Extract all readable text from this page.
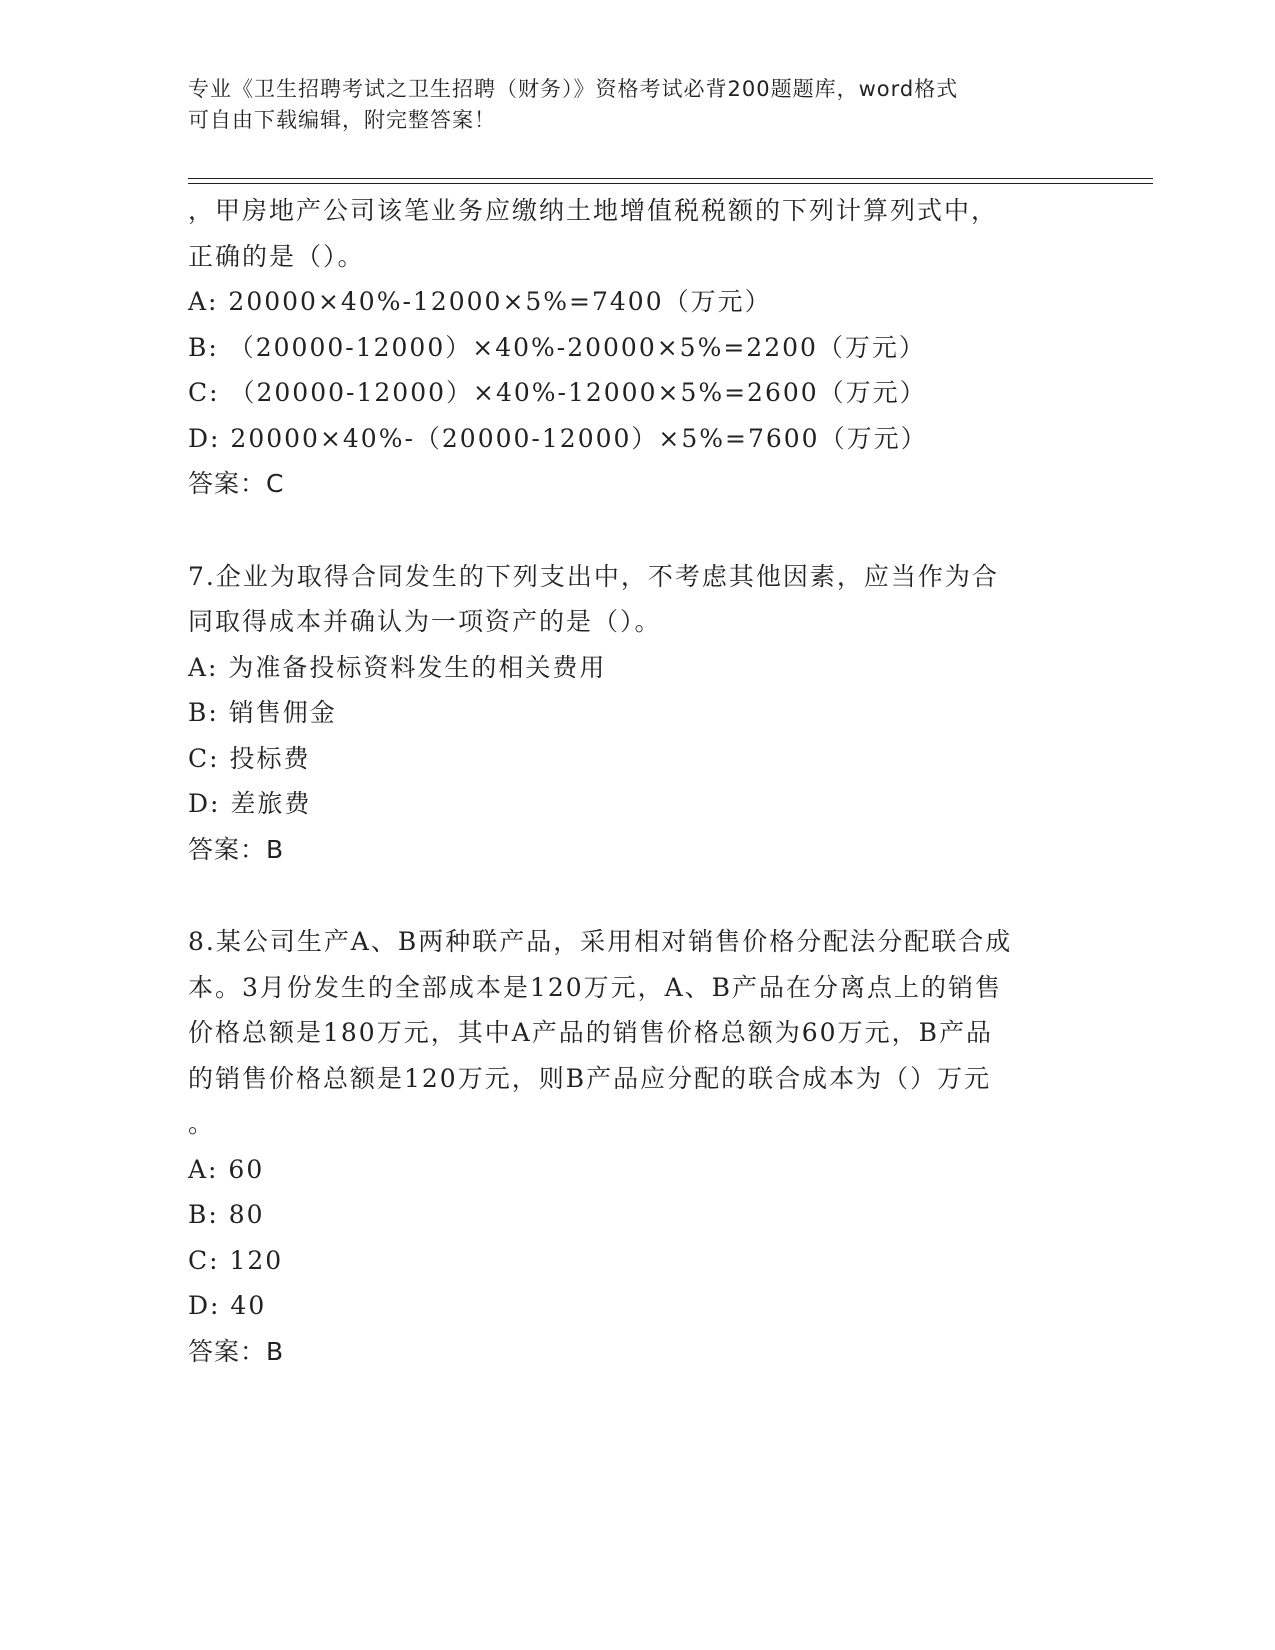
专业《卫生招聘考试之卫生招聘（财务）》资格考试必背200题题库，word格式
可自由下载编辑，附完整答案！
，甲房地产公司该笔业务应缴纳土地增值税税额的下列计算列式中，
正确的是（）。
A: 20000×40%-12000×5%=7400（万元）
B: （20000-12000）×40%-20000×5%=2200（万元）
C: （20000-12000）×40%-12000×5%=2600（万元）
D: 20000×40%-（20000-12000）×5%=7600（万元）
答案：C
7.企业为取得合同发生的下列支出中，不考虑其他因素，应当作为合
同取得成本并确认为一项资产的是（）。
A: 为准备投标资料发生的相关费用
B: 销售佣金
C: 投标费
D: 差旅费
答案：B
8.某公司生产A、B两种联产品，采用相对销售价格分配法分配联合成
本。3月份发生的全部成本是120万元，A、B产品在分离点上的销售
价格总额是180万元，其中A产品的销售价格总额为60万元，B产品
的销售价格总额是120万元，则B产品应分配的联合成本为（）万元
。
A: 60
B: 80
C: 120
D: 40
答案：B
